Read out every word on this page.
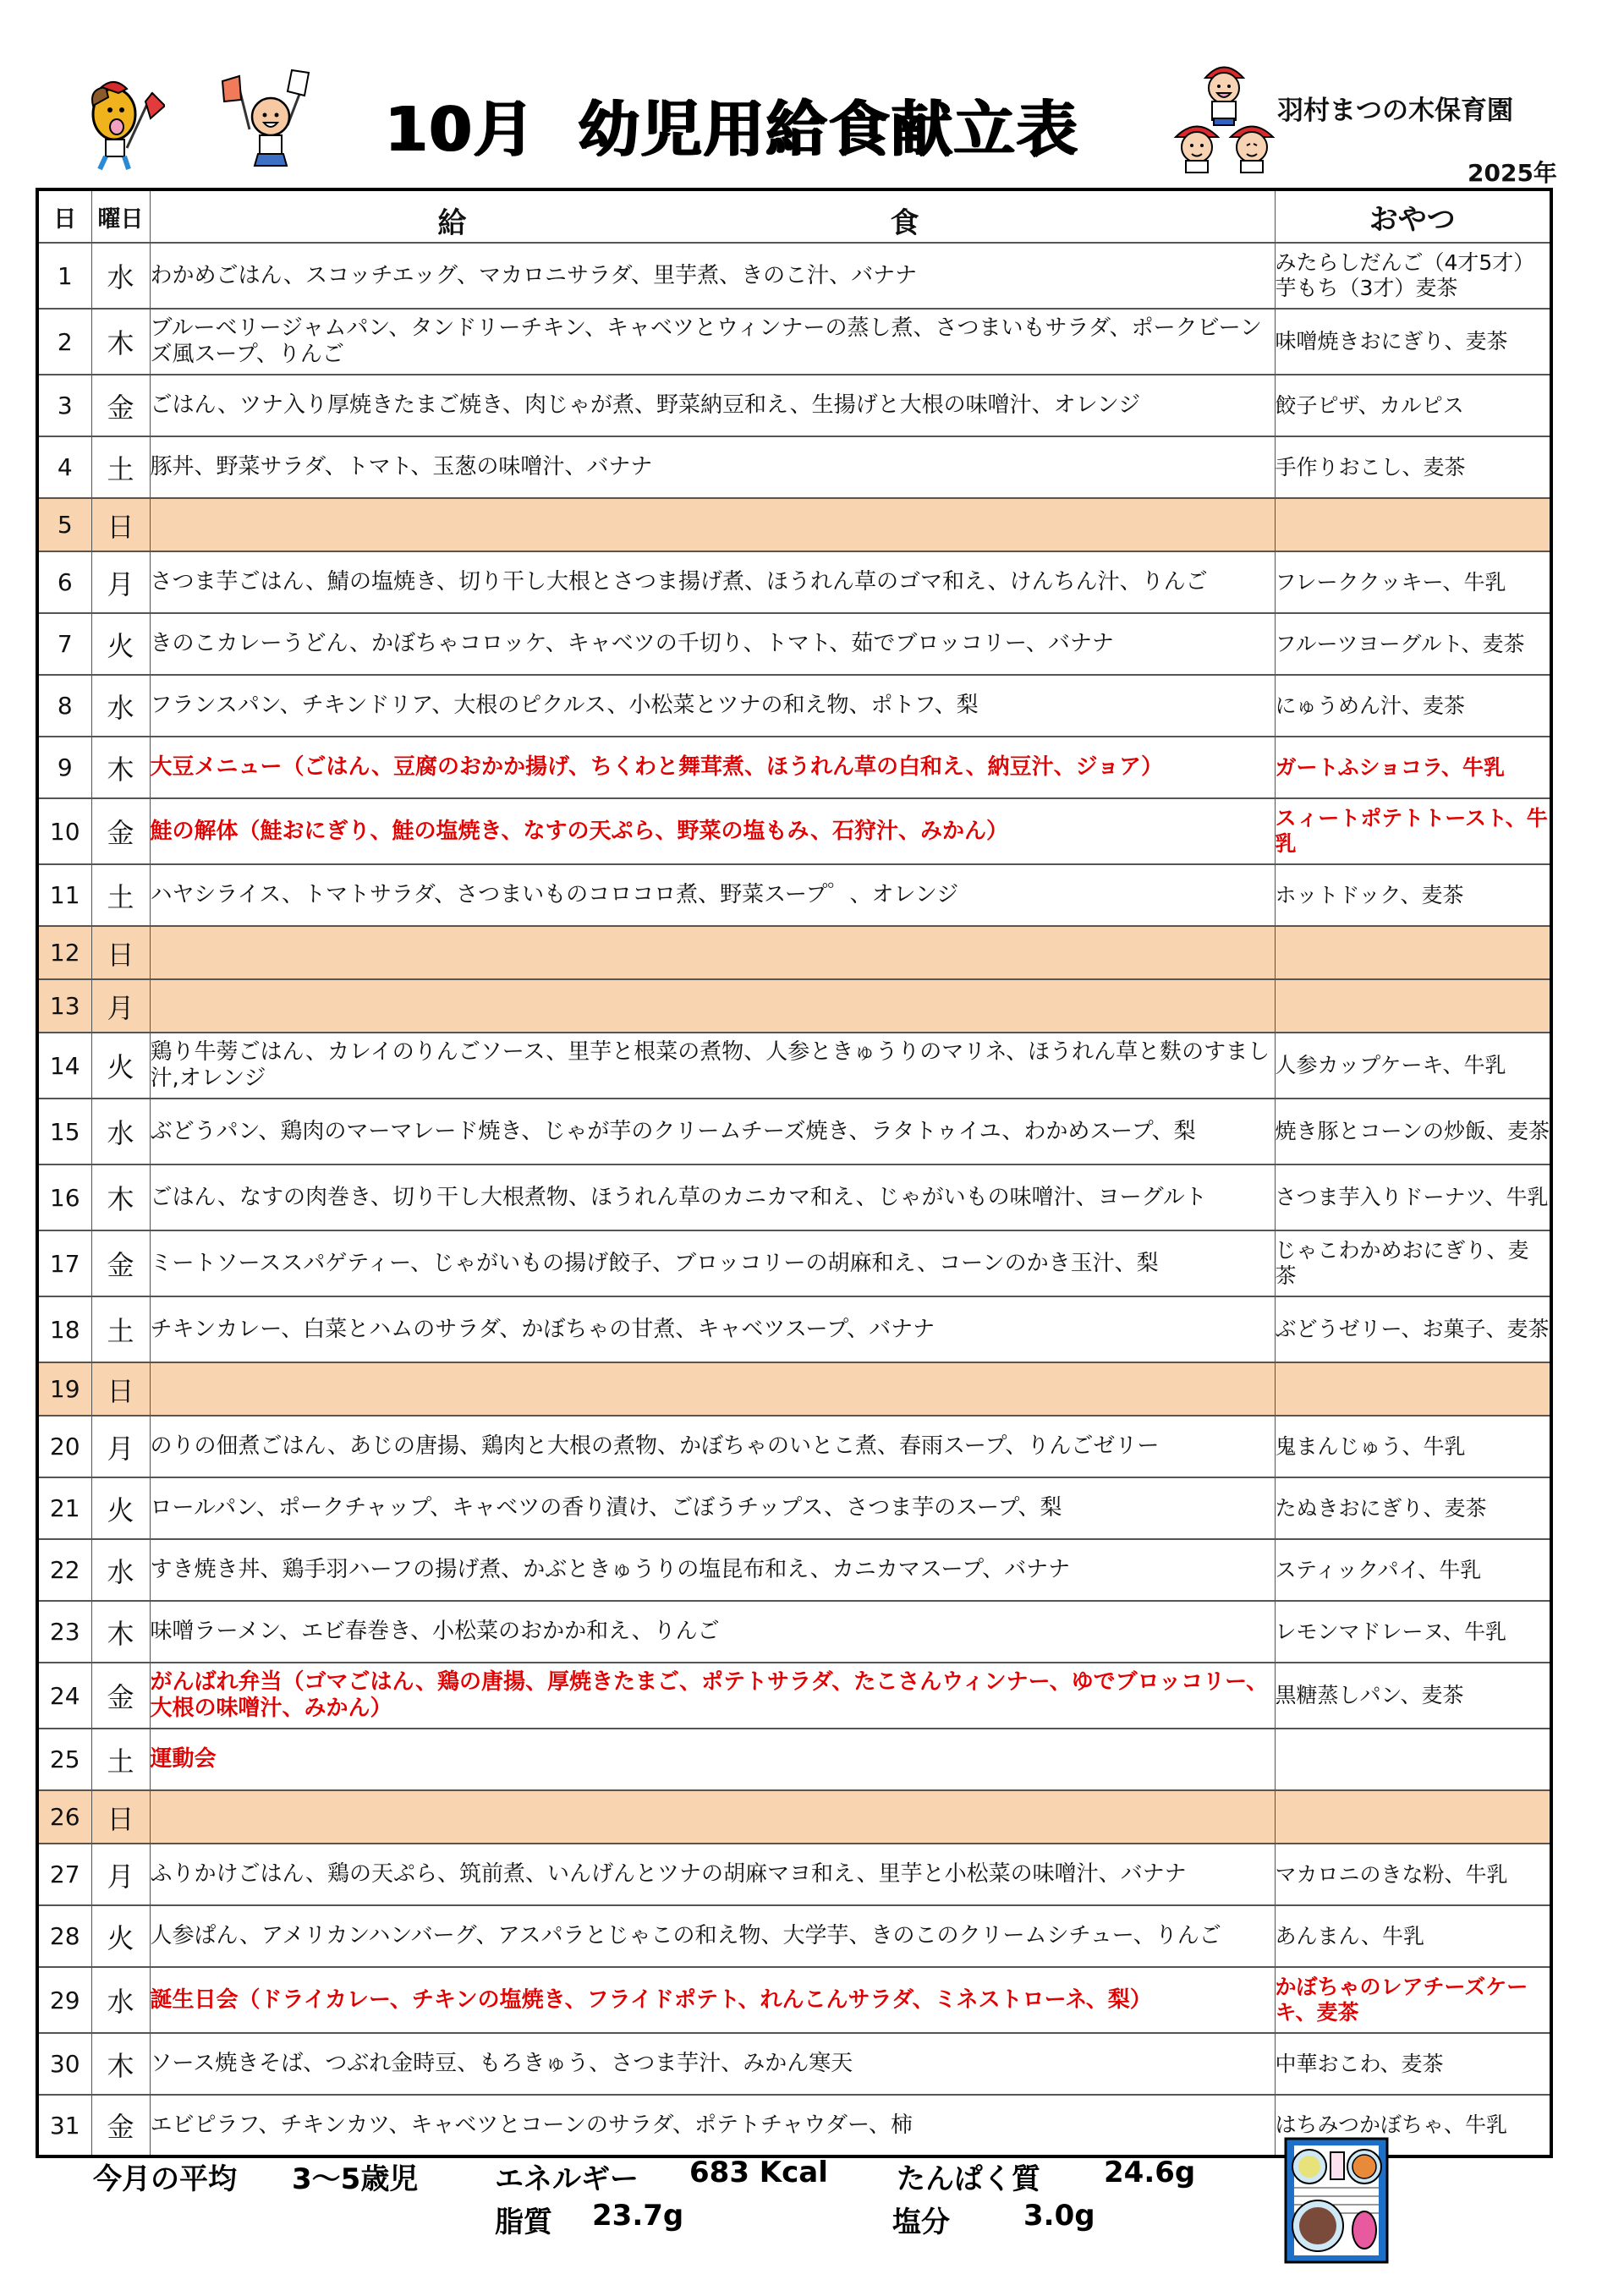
10月 幼児用給食献立表	羽村まつの木保育園
2025年
日	曜日	給 食	おやつ
1	水	わかめごはん、スコッチエッグ、マカロニサラダ、里芋煮、きのこ汁、バナナ	みたらしだんご（4才5才）芋もち（3才）麦茶
2	木	ブルーベリージャムパン、タンドリーチキン、キャベツとウィンナーの蒸し煮、さつまいもサラダ、ポークビーンズ風スープ、りんご	味噌焼きおにぎり、麦茶
3	金	ごはん、ツナ入り厚焼きたまご焼き、肉じゃが煮、野菜納豆和え、生揚げと大根の味噌汁、オレンジ	餃子ピザ、カルピス
4	土	豚丼、野菜サラダ、トマト、玉葱の味噌汁、バナナ	手作りおこし、麦茶
5	日		
6	月	さつま芋ごはん、鯖の塩焼き、切り干し大根とさつま揚げ煮、ほうれん草のゴマ和え、けんちん汁、りんご	フレーククッキー、牛乳
7	火	きのこカレーうどん、かぼちゃコロッケ、キャベツの千切り、トマト、茹でブロッコリー、バナナ	フルーツヨーグルト、麦茶
8	水	フランスパン、チキンドリア、大根のピクルス、小松菜とツナの和え物、ポトフ、梨	にゅうめん汁、麦茶
9	木	大豆メニュー（ごはん、豆腐のおかか揚げ、ちくわと舞茸煮、ほうれん草の白和え、納豆汁、ジョア）	ガートふショコラ、牛乳
10	金	鮭の解体（鮭おにぎり、鮭の塩焼き、なすの天ぷら、野菜の塩もみ、石狩汁、みかん）	スィートポテトトースト、牛乳
11	土	ハヤシライス、トマトサラダ、さつまいものコロコロ煮、野菜スープ゜、オレンジ	ホットドック、麦茶
12	日		
13	月		
14	火	鶏り牛蒡ごはん、カレイのりんごソース、里芋と根菜の煮物、人参ときゅうりのマリネ、ほうれん草と麩のすまし汁,オレンジ	人参カップケーキ、牛乳
15	水	ぶどうパン、鶏肉のマーマレード焼き、じゃが芋のクリームチーズ焼き、ラタトゥイユ、わかめスープ、梨	焼き豚とコーンの炒飯、麦茶
16	木	ごはん、なすの肉巻き、切り干し大根煮物、ほうれん草のカニカマ和え、じゃがいもの味噌汁、ヨーグルト	さつま芋入りドーナツ、牛乳
17	金	ミートソーススパゲティー、じゃがいもの揚げ餃子、ブロッコリーの胡麻和え、コーンのかき玉汁、梨	じゃこわかめおにぎり、麦茶
18	土	チキンカレー、白菜とハムのサラダ、かぼちゃの甘煮、キャベツスープ、バナナ	ぶどうゼリー、お菓子、麦茶
19	日		
20	月	のりの佃煮ごはん、あじの唐揚、鶏肉と大根の煮物、かぼちゃのいとこ煮、春雨スープ、りんごゼリー	鬼まんじゅう、牛乳
21	火	ロールパン、ポークチャップ、キャベツの香り漬け、ごぼうチップス、さつま芋のスープ、梨	たぬきおにぎり、麦茶
22	水	すき焼き丼、鶏手羽ハーフの揚げ煮、かぶときゅうりの塩昆布和え、カニカマスープ、バナナ	スティックパイ、牛乳
23	木	味噌ラーメン、エビ春巻き、小松菜のおかか和え、りんご	レモンマドレーヌ、牛乳
24	金	がんばれ弁当（ゴマごはん、鶏の唐揚、厚焼きたまご、ポテトサラダ、たこさんウィンナー、ゆでブロッコリー、大根の味噌汁、みかん）	黒糖蒸しパン、麦茶
25	土	運動会	
26	日		
27	月	ふりかけごはん、鶏の天ぷら、筑前煮、いんげんとツナの胡麻マヨ和え、里芋と小松菜の味噌汁、バナナ	マカロニのきな粉、牛乳
28	火	人参ぱん、アメリカンハンバーグ、アスパラとじゃこの和え物、大学芋、きのこのクリームシチュー、りんご	あんまん、牛乳
29	水	誕生日会（ドライカレー、チキンの塩焼き、フライドポテト、れんこんサラダ、ミネストローネ、梨）	かぼちゃのレアチーズケーキ、麦茶
30	木	ソース焼きそば、つぶれ金時豆、もろきゅう、さつま芋汁、みかん寒天	中華おこわ、麦茶
31	金	エビピラフ、チキンカツ、キャベツとコーンのサラダ、ポテトチャウダー、柿	はちみつかぼちゃ、牛乳
今月の平均 3～5歳児	エネルギー 683 Kcal たんぱく質 24.6g
脂質 23.7g	塩分	3.0g
